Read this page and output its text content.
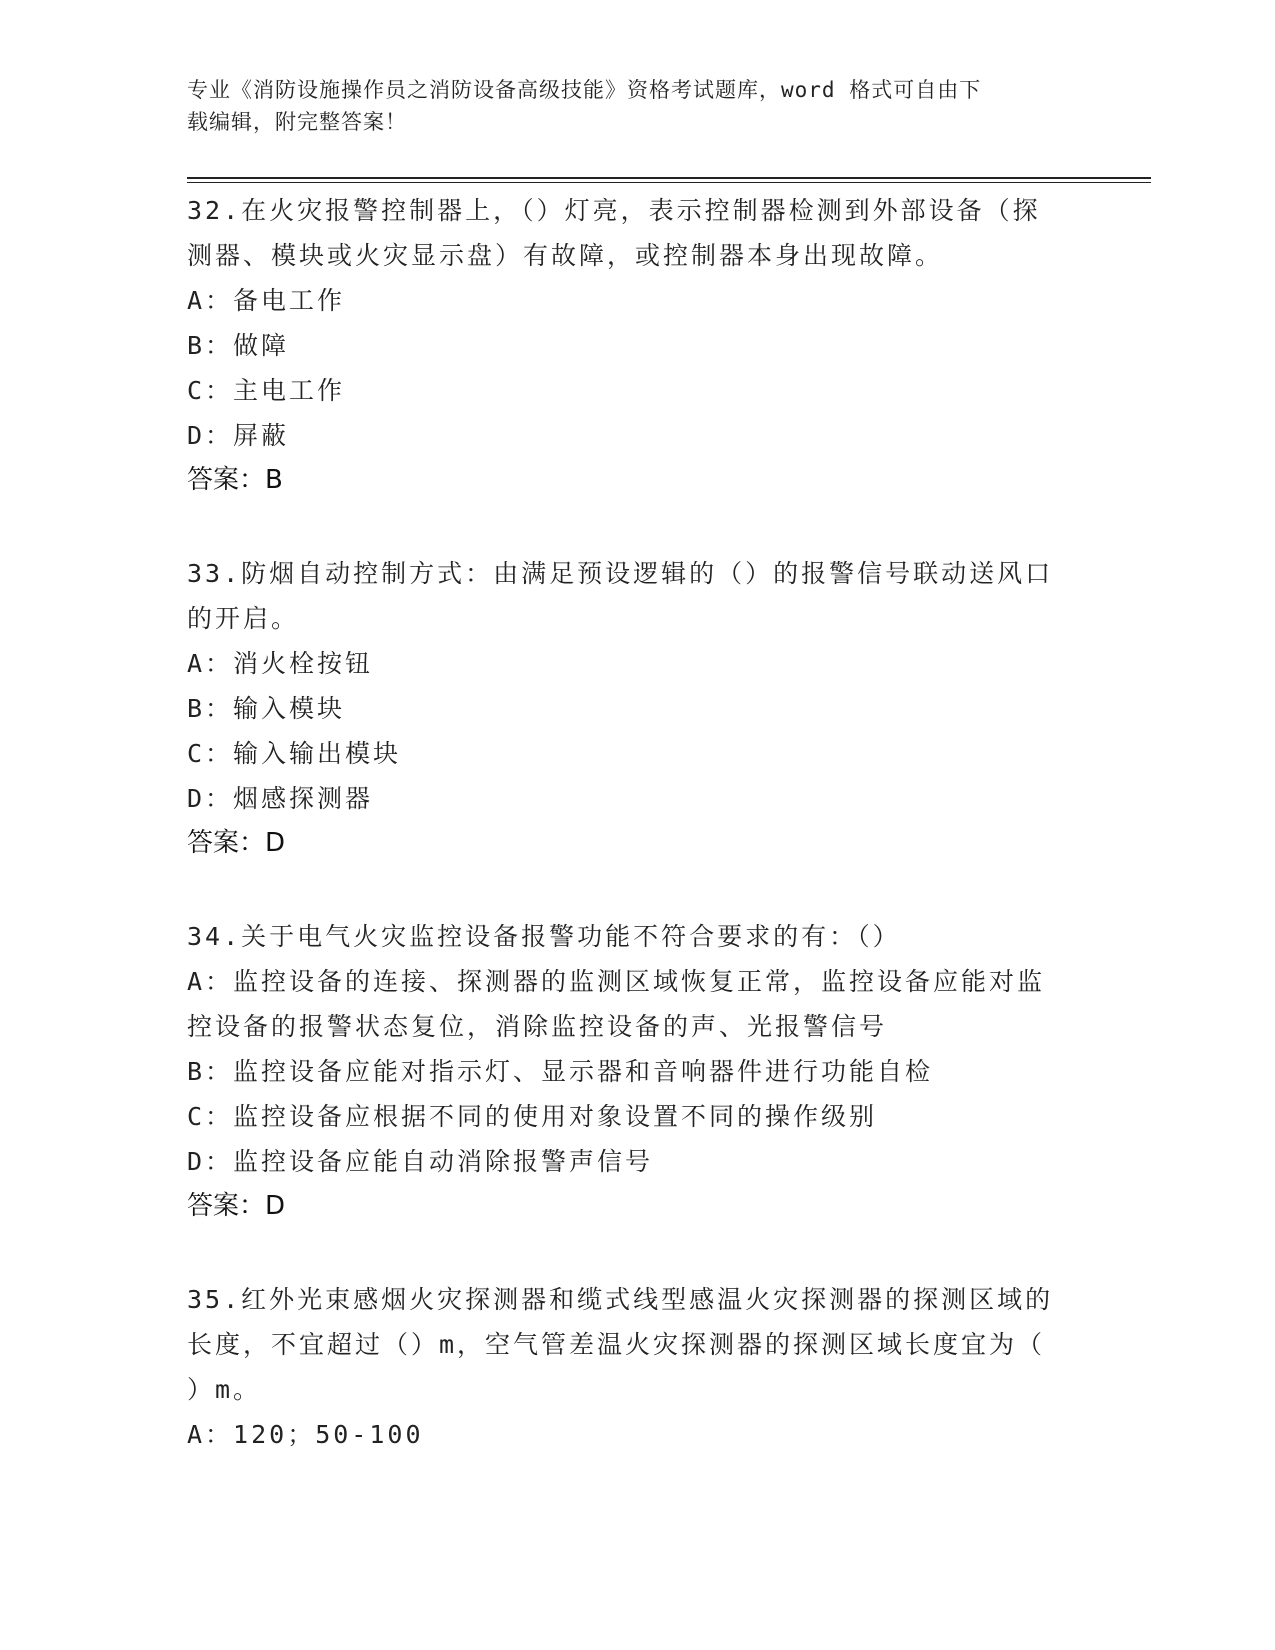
专业《消防设施操作员之消防设备高级技能》资格考试题库，word 格式可自由下
载编辑，附完整答案！
32.在火灾报警控制器上，（）灯亮，表示控制器检测到外部设备（探
测器、模块或火灾显示盘）有故障，或控制器本身出现故障。
A：备电工作
B：做障
C：主电工作
D：屏蔽
答案：B
33.防烟自动控制方式：由满足预设逻辑的（）的报警信号联动送风口
的开启。
A：消火栓按钮
B：输入模块
C：输入输出模块
D：烟感探测器
答案：D
34.关于电气火灾监控设备报警功能不符合要求的有：（）
A：监控设备的连接、探测器的监测区域恢复正常，监控设备应能对监
控设备的报警状态复位，消除监控设备的声、光报警信号
B：监控设备应能对指示灯、显示器和音响器件进行功能自检
C：监控设备应根据不同的使用对象设置不同的操作级别
D：监控设备应能自动消除报警声信号
答案：D
35.红外光束感烟火灾探测器和缆式线型感温火灾探测器的探测区域的
长度，不宜超过（）m，空气管差温火灾探测器的探测区域长度宜为（
）m。
A：120；50-100
